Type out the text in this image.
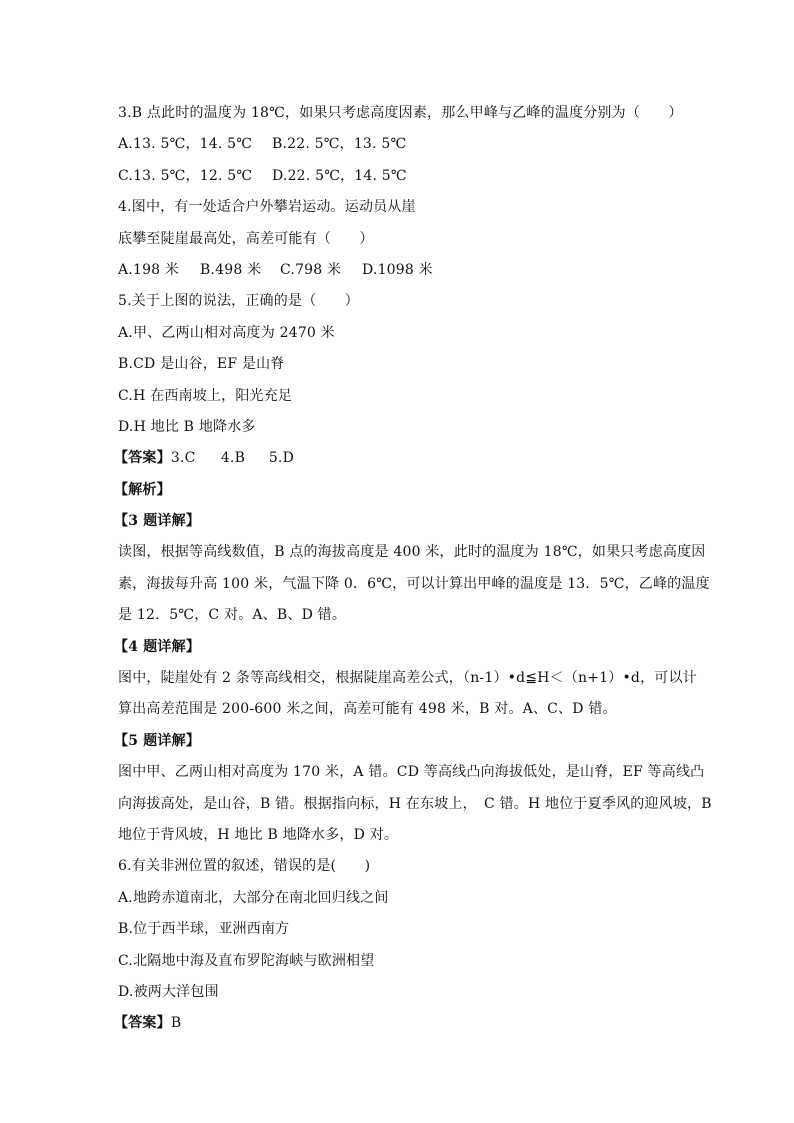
3.B 点此时的温度为 18℃，如果只考虑高度因素，那么甲峰与乙峰的温度分别为（　　）
A.13. 5℃，14. 5℃	B.22. 5℃，13. 5℃
C.13. 5℃，12. 5℃	D.22. 5℃，14. 5℃
4.图中，有一处适合户外攀岩运动。运动员从崖
底攀至陡崖最高处，高差可能有（　　）
A.198 米	B.498 米	C.798 米	D.1098 米
5.关于上图的说法，正确的是（　　）
A.甲、乙两山相对高度为 2470 米
B.CD 是山谷，EF 是山脊
C.H 在西南坡上，阳光充足
D.H 地比 B 地降水多
【答案】3.C 4.B 5.D
【解析】
【3 题详解】
读图，根据等高线数值，B 点的海拔高度是 400 米，此时的温度为 18℃，如果只考虑高度因
素，海拔每升高 100 米，气温下降 0．6℃，可以计算出甲峰的温度是 13．5℃，乙峰的温度
是 12．5℃，C 对。A、B、D 错。
【4 题详解】
图中，陡崖处有 2 条等高线相交，根据陡崖高差公式，（n-1）•d≦H＜（n+1）•d，可以计
算出高差范围是 200-600 米之间，高差可能有 498 米，B 对。A、C、D 错。
【5 题详解】
图中甲、乙两山相对高度为 170 米，A 错。CD 等高线凸向海拔低处，是山脊，EF 等高线凸
向海拔高处，是山谷，B 错。根据指向标，H 在东坡上，　C 错。H 地位于夏季风的迎风坡，B
地位于背风坡，H 地比 B 地降水多，D 对。
6.有关非洲位置的叙述，错误的是(　　)
A.地跨赤道南北，大部分在南北回归线之间
B.位于西半球，亚洲西南方
C.北隔地中海及直布罗陀海峡与欧洲相望
D.被两大洋包围
【答案】B
